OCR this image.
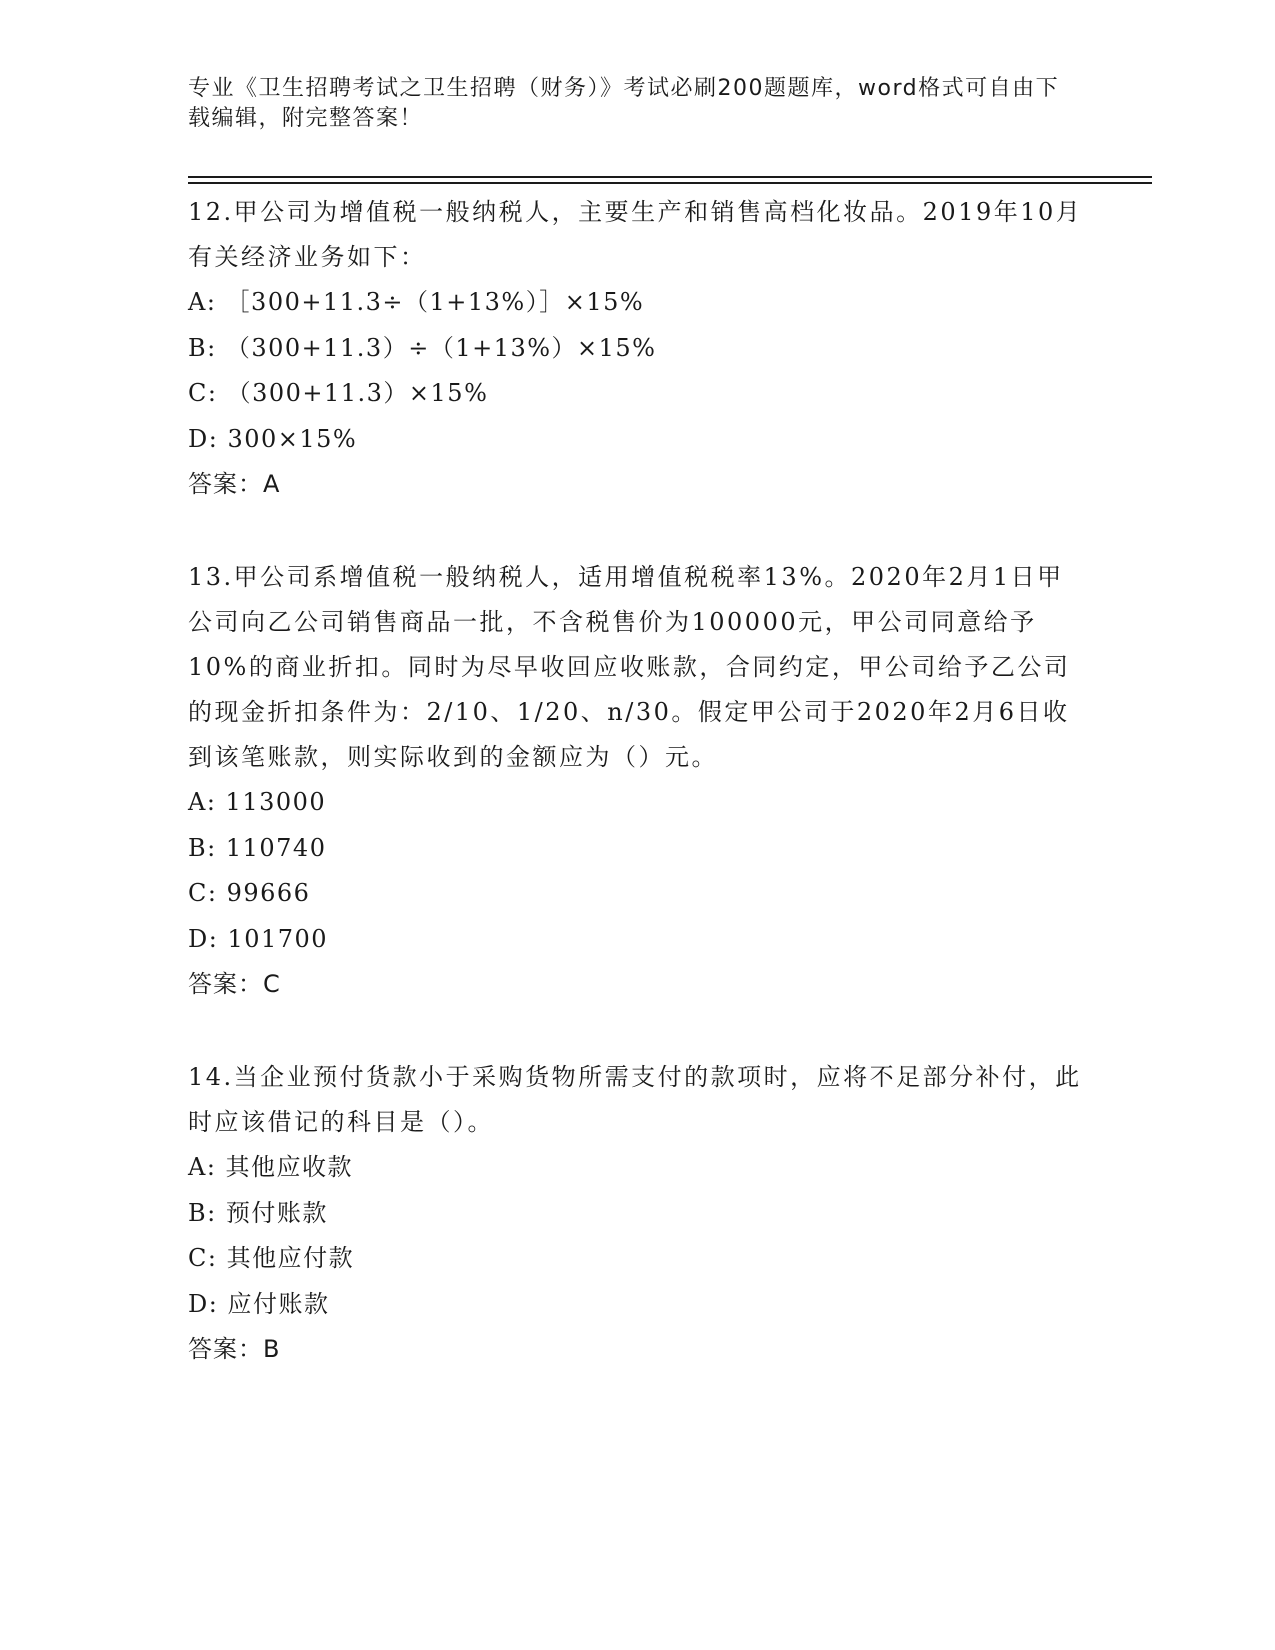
专业《卫生招聘考试之卫生招聘（财务）》考试必刷200题题库，word格式可自由下载编辑，附完整答案！

12.甲公司为增值税一般纳税人，主要生产和销售高档化妆品。2019年10月有关经济业务如下：

A: ［300+11.3÷（1+13%）］×15%
B: （300+11.3）÷（1+13%）×15%
C: （300+11.3）×15%
D: 300×15%
答案：A

13.甲公司系增值税一般纳税人，适用增值税税率13%。2020年2月1日甲公司向乙公司销售商品一批，不含税售价为100000元，甲公司同意给予10%的商业折扣。同时为尽早收回应收账款，合同约定，甲公司给予乙公司的现金折扣条件为：2/10、1/20、n/30。假定甲公司于2020年2月6日收到该笔账款，则实际收到的金额应为（）元。

A: 113000
B: 110740
C: 99666
D: 101700
答案：C

14.当企业预付货款小于采购货物所需支付的款项时，应将不足部分补付，此时应该借记的科目是（）。

A: 其他应收款
B: 预付账款
C: 其他应付款
D: 应付账款
答案：B
